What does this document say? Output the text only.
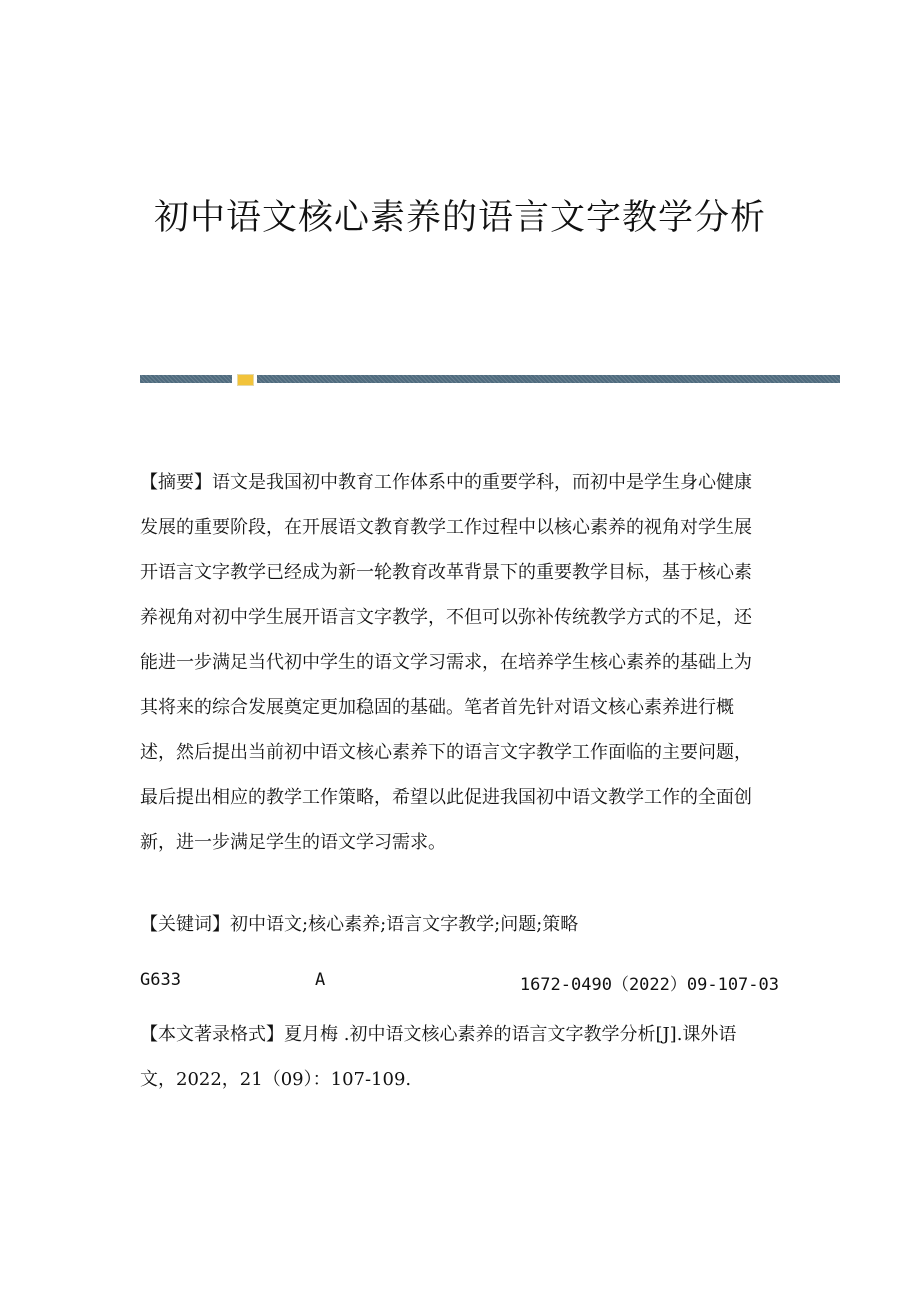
初中语文核心素养的语言文字教学分析
【摘要】语文是我国初中教育工作体系中的重要学科，而初中是学生身心健康
发展的重要阶段，在开展语文教育教学工作过程中以核心素养的视角对学生展
开语言文字教学已经成为新一轮教育改革背景下的重要教学目标，基于核心素
养视角对初中学生展开语言文字教学，不但可以弥补传统教学方式的不足，还
能进一步满足当代初中学生的语文学习需求，在培养学生核心素养的基础上为
其将来的综合发展奠定更加稳固的基础。笔者首先针对语文核心素养进行概
述，然后提出当前初中语文核心素养下的语言文字教学工作面临的主要问题，
最后提出相应的教学工作策略，希望以此促进我国初中语文教学工作的全面创
新，进一步满足学生的语文学习需求。
【关键词】初中语文;核心素养;语言文字教学;问题;策略
G633	A	1672-0490（2022）09-107-03
【本文著录格式】夏月梅 .初中语文核心素养的语言文字教学分析[J].课外语
文，2022，21（09）：107-109.
